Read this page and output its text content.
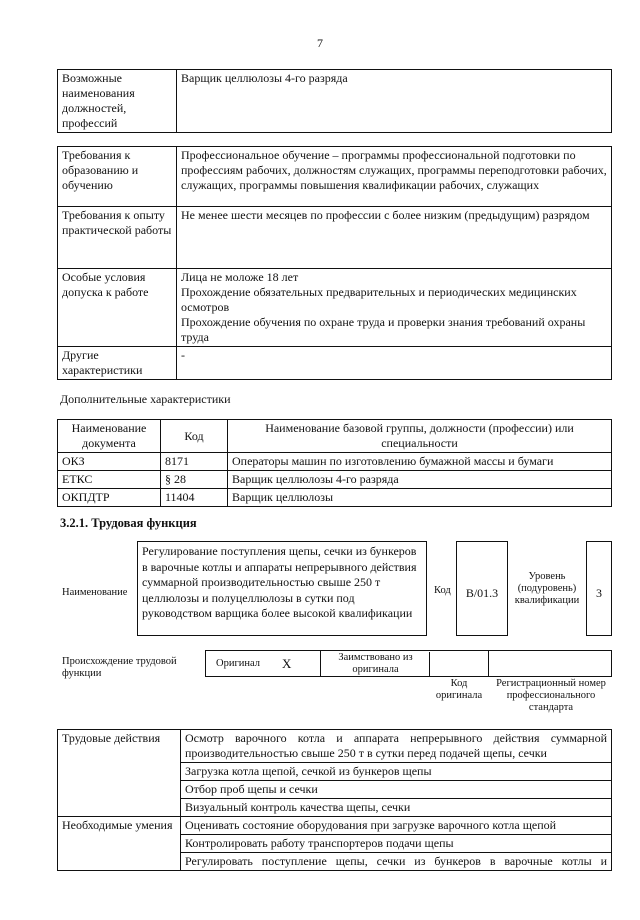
7
Возможные наименования должностей, профессий	Варщик целлюлозы 4-го разряда
Требования к образованию и обучению	Профессиональное обучение – программы профессиональной подготовки по профессиям рабочих, должностям служащих, программы переподготовки рабочих, служащих, программы повышения квалификации рабочих, служащих

Требования к опыту практической работы	Не менее шести месяцев по профессии с более низким (предыдущим) разрядом

Особые условия допуска к работе	Лица не моложе 18 лет
Прохождение обязательных предварительных и периодических медицинских осмотров
Прохождение обучения по охране труда и проверки знания требований охраны труда

Другие характеристики	-
Дополнительные характеристики
Наименование документа	Код	Наименование базовой группы, должности (профессии) или специальности
ОКЗ	8171	Операторы машин по изготовлению бумажной массы и бумаги
ЕТКС	§ 28	Варщик целлюлозы 4-го разряда
ОКПДТР	11404	Варщик целлюлозы
3.2.1. Трудовая функция
Наименование
Регулирование поступления щепы, сечки из бункеров в варочные котлы и аппараты непрерывного действия суммарной производительностью свыше 250 т целлюлозы и полуцеллюлозы в сутки под руководством варщика более высокой квалификации
Код	B/01.3
Уровень (подуровень) квалификации
3
Происхождение трудовой функции
Оригинал X	Заимствовано из оригинала
Код оригинала
Регистрационный номер профессионального стандарта
Трудовые действия	Осмотр варочного котла и аппарата непрерывного действия суммарной производительностью свыше 250 т в сутки перед подачей щепы, сечки
	Загрузка котла щепой, сечкой из бункеров щепы
	Отбор проб щепы и сечки
	Визуальный контроль качества щепы, сечки
Необходимые умения	Оценивать состояние оборудования при загрузке варочного котла щепой
	Контролировать работу транспортеров подачи щепы
	Регулировать поступление щепы, сечки из бункеров в варочные котлы и
